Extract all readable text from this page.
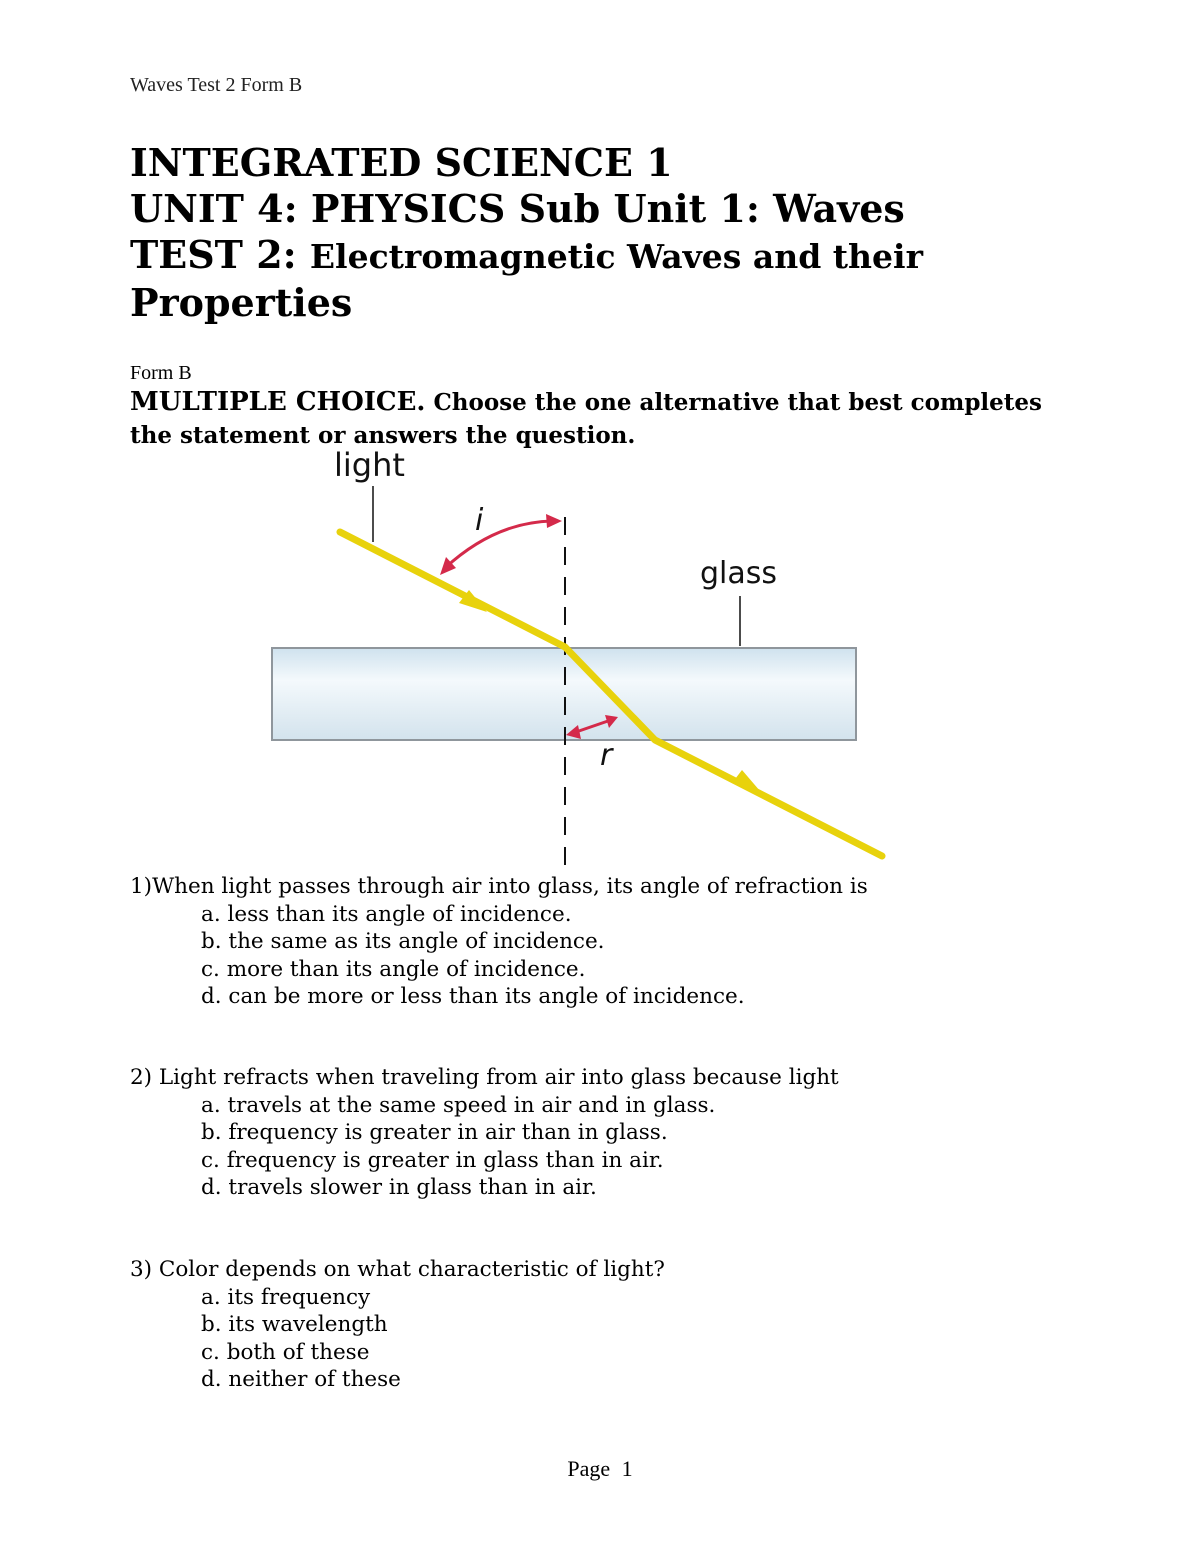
Waves Test 2 Form B
INTEGRATED SCIENCE 1
UNIT 4: PHYSICS Sub Unit 1: Waves
TEST 2: Electromagnetic Waves and their
Properties
Form B
MULTIPLE CHOICE. Choose the one alternative that best completes the statement or answers the question.
light
glass
i
r
1)When light passes through air into glass, its angle of refraction is
a. less than its angle of incidence.
b. the same as its angle of incidence.
c. more than its angle of incidence.
d. can be more or less than its angle of incidence.
2) Light refracts when traveling from air into glass because light
a. travels at the same speed in air and in glass.
b. frequency is greater in air than in glass.
c. frequency is greater in glass than in air.
d. travels slower in glass than in air.
3) Color depends on what characteristic of light?
a. its frequency
b. its wavelength
c. both of these
d. neither of these
Page 1
